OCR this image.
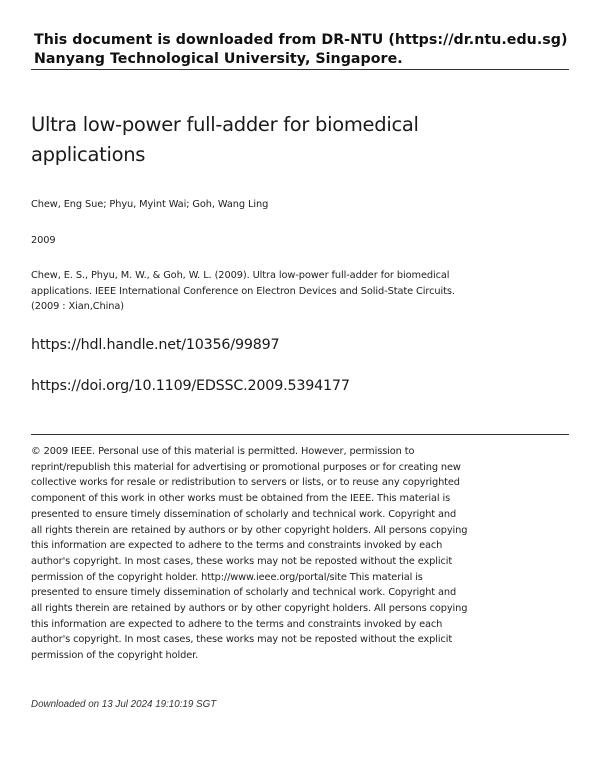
This document is downloaded from DR-NTU (https://dr.ntu.edu.sg)
Nanyang Technological University, Singapore.
Ultra low-power full-adder for biomedical
applications
Chew, Eng Sue; Phyu, Myint Wai; Goh, Wang Ling
2009
Chew, E. S., Phyu, M. W., & Goh, W. L. (2009). Ultra low-power full-adder for biomedical
applications. IEEE International Conference on Electron Devices and Solid-State Circuits.
(2009 : Xian,China)
https://hdl.handle.net/10356/99897
https://doi.org/10.1109/EDSSC.2009.5394177
© 2009 IEEE. Personal use of this material is permitted. However, permission to
reprint/republish this material for advertising or promotional purposes or for creating new
collective works for resale or redistribution to servers or lists, or to reuse any copyrighted
component of this work in other works must be obtained from the IEEE. This material is
presented to ensure timely dissemination of scholarly and technical work. Copyright and
all rights therein are retained by authors or by other copyright holders. All persons copying
this information are expected to adhere to the terms and constraints invoked by each
author's copyright. In most cases, these works may not be reposted without the explicit
permission of the copyright holder. http://www.ieee.org/portal/site This material is
presented to ensure timely dissemination of scholarly and technical work. Copyright and
all rights therein are retained by authors or by other copyright holders. All persons copying
this information are expected to adhere to the terms and constraints invoked by each
author's copyright. In most cases, these works may not be reposted without the explicit
permission of the copyright holder.
Downloaded on 13 Jul 2024 19:10:19 SGT
